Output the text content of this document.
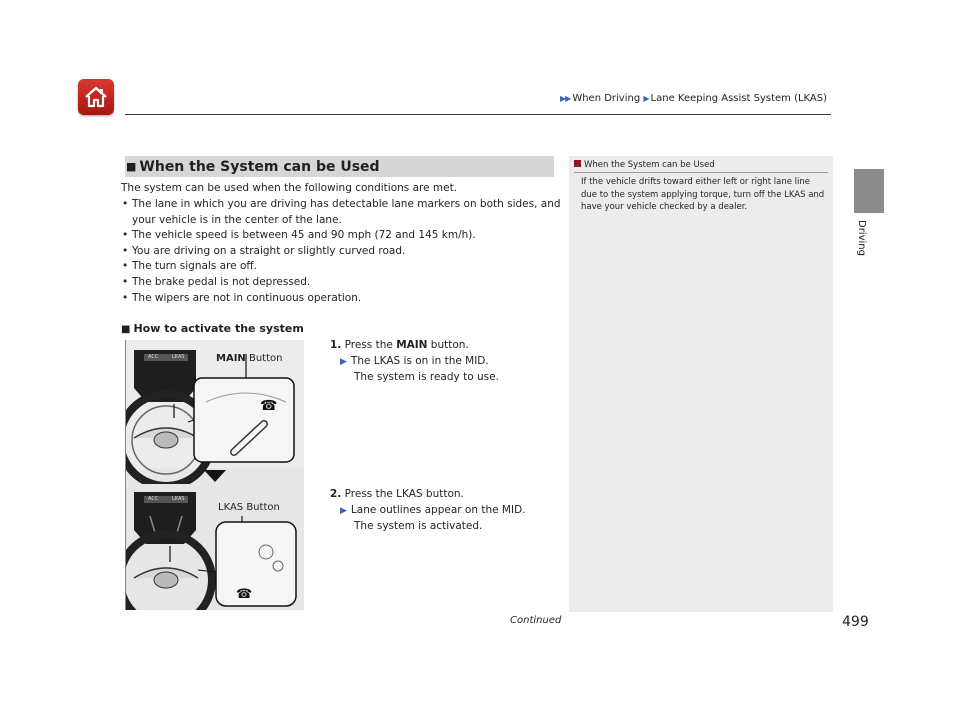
▶▶ When Driving ▶ Lane Keeping Assist System (LKAS)
Driving
■ When the System can be Used
The system can be used when the following conditions are met.
• The lane in which you are driving has detectable lane markers on both sides, and your vehicle is in the center of the lane.
• The vehicle speed is between 45 and 90 mph (72 and 145 km/h).
• You are driving on a straight or slightly curved road.
• The turn signals are off.
• The brake pedal is not depressed.
• The wipers are not in continuous operation.
■ How to activate the system
1. Press the MAIN button.
▶ The LKAS is on in the MID.
The system is ready to use.
2. Press the LKAS button.
▶ Lane outlines appear on the MID.
The system is activated.
☎
☎
ACC	LKAS
ACC	LKAS
MAIN Button
LKAS Button
When the System can be Used
If the vehicle drifts toward either left or right lane line due to the system applying torque, turn off the LKAS and have your vehicle checked by a dealer.
Continued	499
